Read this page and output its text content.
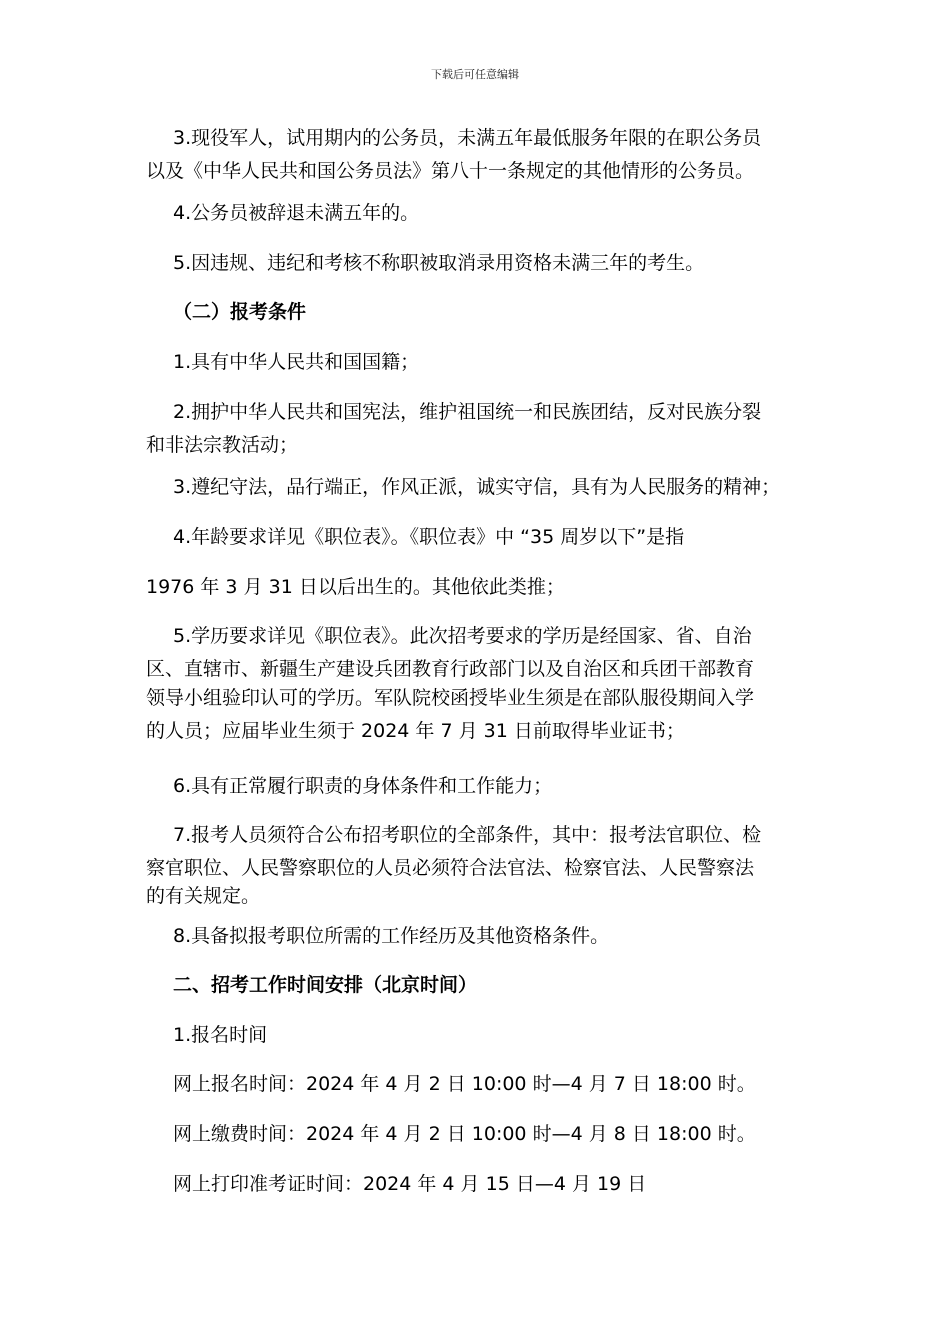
下载后可任意编辑
3.现役军人，试用期内的公务员，未满五年最低服务年限的在职公务员
以及《中华人民共和国公务员法》第八十一条规定的其他情形的公务员。
4.公务员被辞退未满五年的。
5.因违规、违纪和考核不称职被取消录用资格未满三年的考生。
（二）报考条件
1.具有中华人民共和国国籍；
2.拥护中华人民共和国宪法，维护祖国统一和民族团结，反对民族分裂
和非法宗教活动；
3.遵纪守法，品行端正，作风正派，诚实守信，具有为人民服务的精神；
4.年龄要求详见《职位表》。《职位表》中 “35 周岁以下”是指
1976 年 3 月 31 日以后出生的。其他依此类推；
5.学历要求详见《职位表》。此次招考要求的学历是经国家、省、自治
区、直辖市、新疆生产建设兵团教育行政部门以及自治区和兵团干部教育
领导小组验印认可的学历。军队院校函授毕业生须是在部队服役期间入学
的人员；应届毕业生须于 2024 年 7 月 31 日前取得毕业证书；
6.具有正常履行职责的身体条件和工作能力；
7.报考人员须符合公布招考职位的全部条件，其中：报考法官职位、检
察官职位、人民警察职位的人员必须符合法官法、检察官法、人民警察法
的有关规定。
8.具备拟报考职位所需的工作经历及其他资格条件。
二、招考工作时间安排（北京时间）
1.报名时间
网上报名时间：2024 年 4 月 2 日 10:00 时—4 月 7 日 18:00 时。
网上缴费时间：2024 年 4 月 2 日 10:00 时—4 月 8 日 18:00 时。
网上打印准考证时间：2024 年 4 月 15 日—4 月 19 日
